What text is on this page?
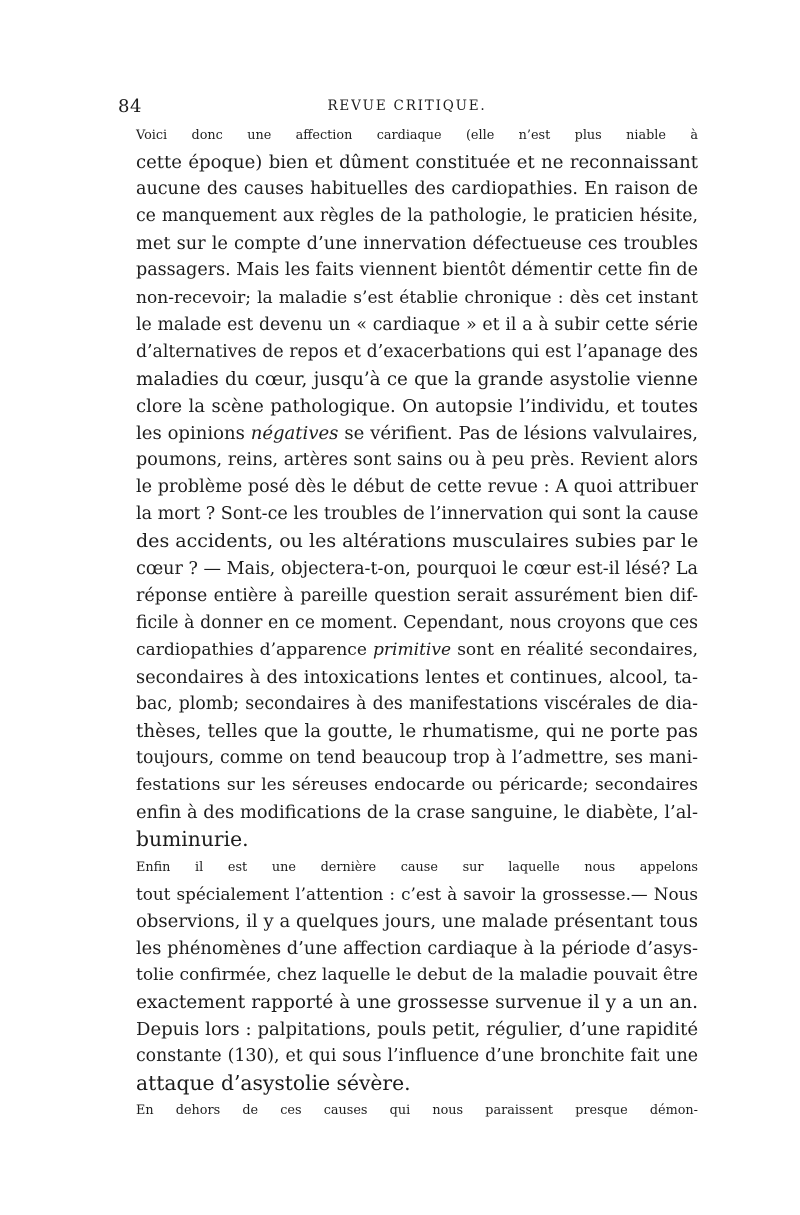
84	REVUE CRITIQUE.

Voici donc une affection cardiaque (elle n’est plus niable à
cette époque) bien et dûment constituée et ne reconnaissant
aucune des causes habituelles des cardiopathies. En raison de
ce manquement aux règles de la pathologie, le praticien hésite,
met sur le compte d’une innervation défectueuse ces troubles
passagers. Mais les faits viennent bientôt démentir cette fin de
non-recevoir; la maladie s’est établie chronique : dès cet instant
le malade est devenu un « cardiaque » et il a à subir cette série
d’alternatives de repos et d’exacerbations qui est l’apanage des
maladies du cœur, jusqu’à ce que la grande asystolie vienne
clore la scène pathologique. On autopsie l’individu, et toutes
les opinions négatives se vérifient. Pas de lésions valvulaires,
poumons, reins, artères sont sains ou à peu près. Revient alors
le problème posé dès le début de cette revue : A quoi attribuer
la mort ? Sont-ce les troubles de l’innervation qui sont la cause
des accidents, ou les altérations musculaires subies par le
cœur ? — Mais, objectera-t-on, pourquoi le cœur est-il lésé? La
réponse entière à pareille question serait assurément bien dif-
ficile à donner en ce moment. Cependant, nous croyons que ces
cardiopathies d’apparence primitive sont en réalité secondaires,
secondaires à des intoxications lentes et continues, alcool, ta-
bac, plomb; secondaires à des manifestations viscérales de dia-
thèses, telles que la goutte, le rhumatisme, qui ne porte pas
toujours, comme on tend beaucoup trop à l’admettre, ses mani-
festations sur les séreuses endocarde ou péricarde; secondaires
enfin à des modifications de la crase sanguine, le diabète, l’al-
buminurie.

Enfin il est une dernière cause sur laquelle nous appelons
tout spécialement l’attention : c’est à savoir la grossesse.— Nous
observions, il y a quelques jours, une malade présentant tous
les phénomènes d’une affection cardiaque à la période d’asys-
tolie confirmée, chez laquelle le debut de la maladie pouvait être
exactement rapporté à une grossesse survenue il y a un an.
Depuis lors : palpitations, pouls petit, régulier, d’une rapidité
constante (130), et qui sous l’influence d’une bronchite fait une
attaque d’asystolie sévère.

En dehors de ces causes qui nous paraissent presque démon-
